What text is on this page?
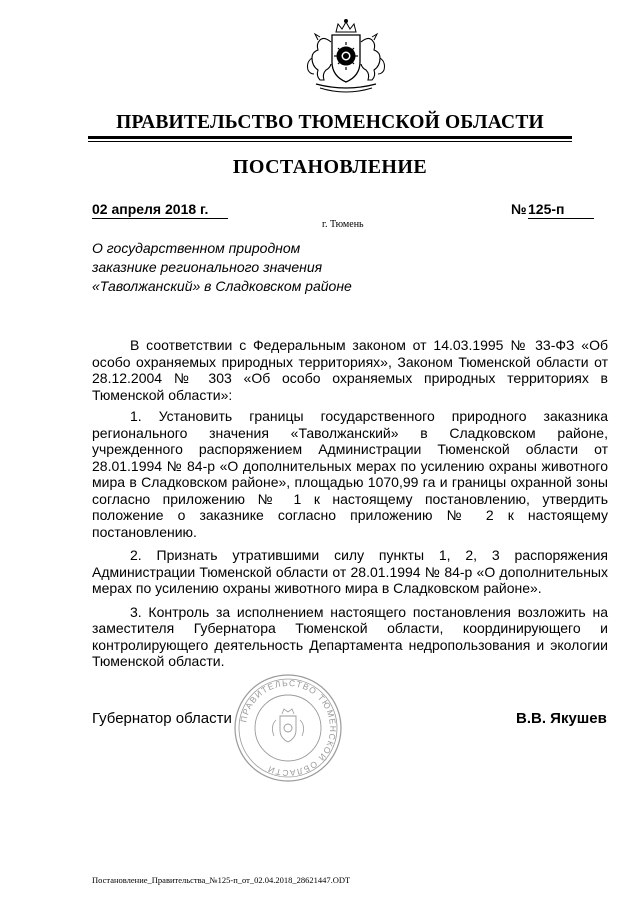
ПРАВИТЕЛЬСТВО ТЮМЕНСКОЙ ОБЛАСТИ
ПОСТАНОВЛЕНИЕ
02 апреля 2018 г.	№ 125-п
г. Тюмень
О государственном природном
заказнике регионального значения
«Таволжанский» в Сладковском районе

В соответствии с Федеральным законом от 14.03.1995 № 33-ФЗ «Об особо охраняемых природных территориях», Законом Тюменской области от 28.12.2004 № 303 «Об особо охраняемых природных территориях в Тюменской области»:

1. Установить границы государственного природного заказника регионального значения «Таволжанский» в Сладковском районе, учрежденного распоряжением Администрации Тюменской области от 28.01.1994 № 84-р «О дополнительных мерах по усилению охраны животного мира в Сладковском районе», площадью 1070,99 га и границы охранной зоны согласно приложению № 1 к настоящему постановлению, утвердить положение о заказнике согласно приложению № 2 к настоящему постановлению.

2. Признать утратившими силу пункты 1, 2, 3 распоряжения Администрации Тюменской области от 28.01.1994 № 84-р «О дополнительных мерах по усилению охраны животного мира в Сладковском районе».

3. Контроль за исполнением настоящего постановления возложить на заместителя Губернатора Тюменской области, координирующего и контролирующего деятельность Департамента недропользования и экологии Тюменской области.

ПРАВИТЕЛЬСТВО ТЮМЕНСКОЙ ОБЛАСТИ
Губернатор области	В.В. Якушев
Постановление_Правительства_№125-п_от_02.04.2018_28621447.ODT
